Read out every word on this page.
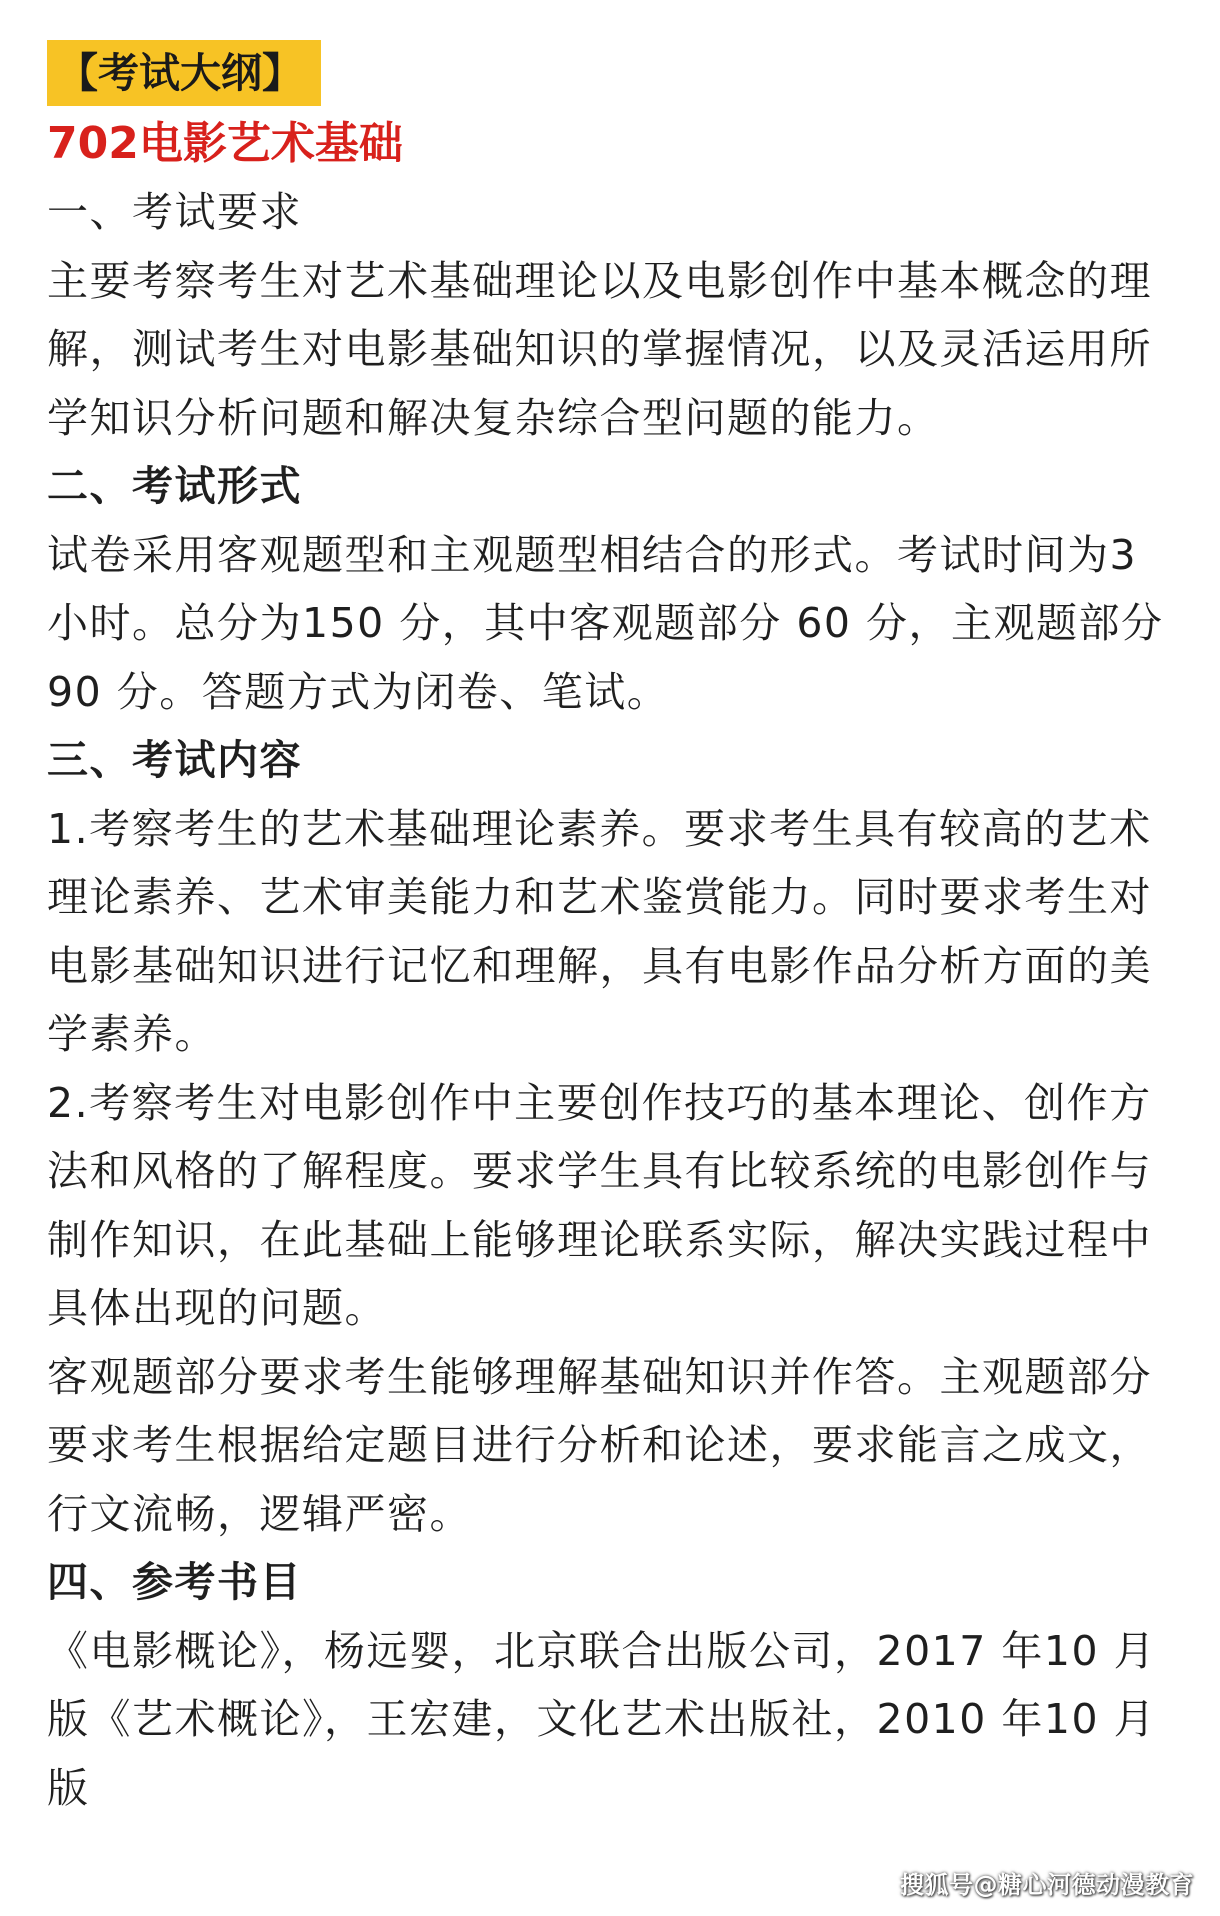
【考试大纲】
702电影艺术基础

一、考试要求

主要考察考生对艺术基础理论以及电影创作中基本概念的理解，测试考生对电影基础知识的掌握情况，以及灵活运用所学知识分析问题和解决复杂综合型问题的能力。

二、考试形式

试卷采用客观题型和主观题型相结合的形式。考试时间为3 小时。总分为150 分，其中客观题部分 60 分，主观题部分 90 分。答题方式为闭卷、笔试。

三、考试内容

1.考察考生的艺术基础理论素养。要求考生具有较高的艺术理论素养、艺术审美能力和艺术鉴赏能力。同时要求考生对电影基础知识进行记忆和理解，具有电影作品分析方面的美学素养。

2.考察考生对电影创作中主要创作技巧的基本理论、创作方法和风格的了解程度。要求学生具有比较系统的电影创作与制作知识，在此基础上能够理论联系实际，解决实践过程中具体出现的问题。

客观题部分要求考生能够理解基础知识并作答。主观题部分要求考生根据给定题目进行分析和论述，要求能言之成文，行文流畅，逻辑严密。

四、参考书目

《电影概论》，杨远婴，北京联合出版公司，2017 年10 月版《艺术概论》，王宏建，文化艺术出版社，2010 年10 月版

搜狐号@糖心河德动漫教育
